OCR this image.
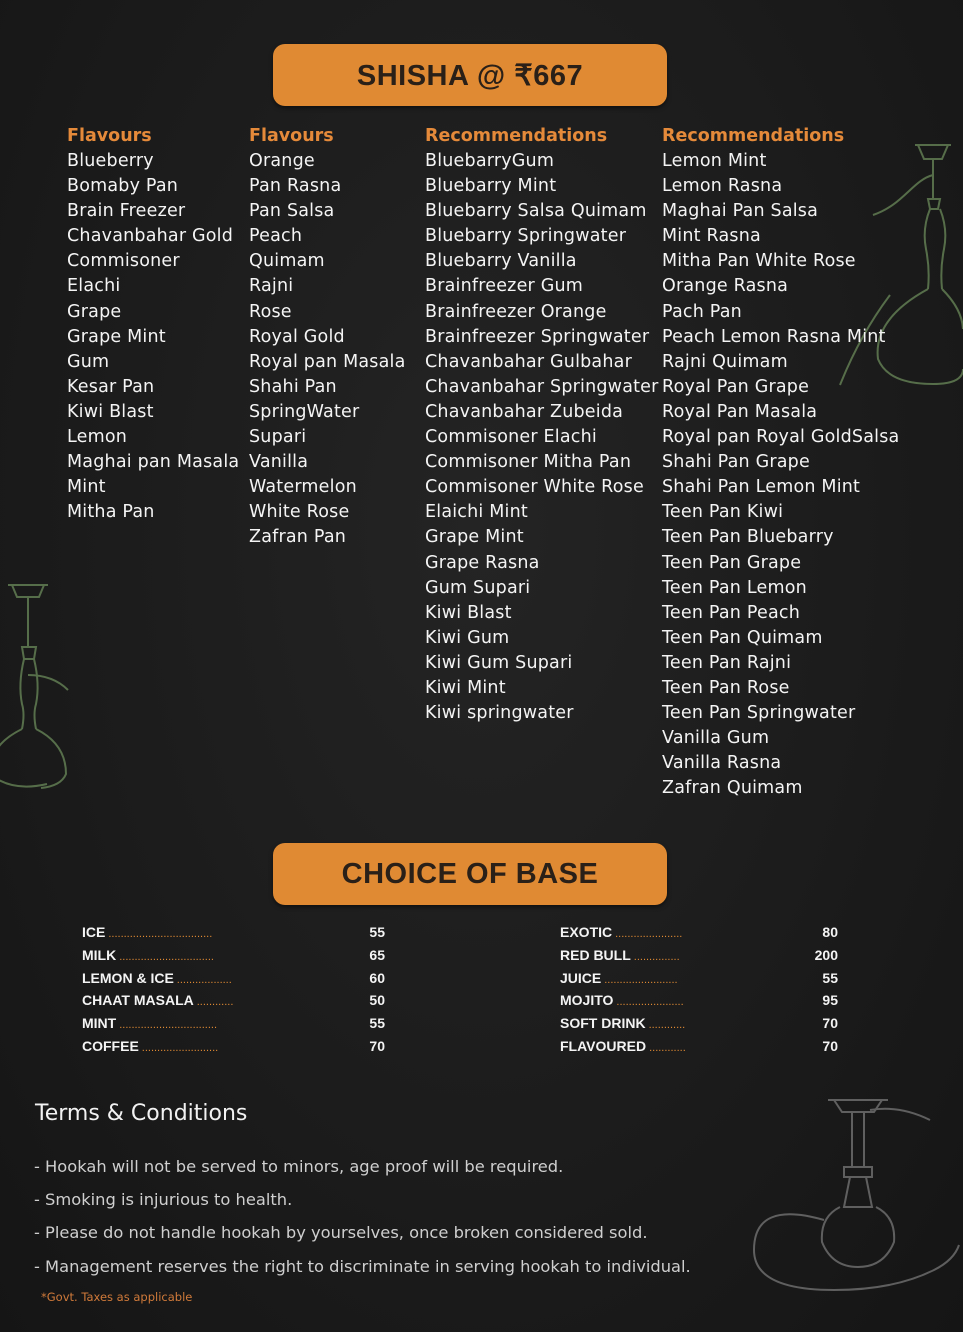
SHISHA @ ₹667
Flavours
Blueberry
Bomaby Pan
Brain Freezer
Chavanbahar Gold
Commisoner
Elachi
Grape
Grape Mint
Gum
Kesar Pan
Kiwi Blast
Lemon
Maghai pan Masala
Mint
Mitha Pan
Flavours
Orange
Pan Rasna
Pan Salsa
Peach
Quimam
Rajni
Rose
Royal Gold
Royal pan Masala
Shahi Pan
SpringWater
Supari
Vanilla
Watermelon
White Rose
Zafran Pan
Recommendations
BluebarryGum
Bluebarry Mint
Bluebarry Salsa Quimam
Bluebarry Springwater
Bluebarry Vanilla
Brainfreezer Gum
Brainfreezer Orange
Brainfreezer Springwater
Chavanbahar Gulbahar
Chavanbahar Springwater
Chavanbahar Zubeida
Commisoner Elachi
Commisoner Mitha Pan
Commisoner White Rose
Elaichi Mint
Grape Mint
Grape Rasna
Gum Supari
Kiwi Blast
Kiwi Gum
Kiwi Gum Supari
Kiwi Mint
Kiwi springwater
Recommendations
Lemon Mint
Lemon Rasna
Maghai Pan Salsa
Mint Rasna
Mitha Pan White Rose
Orange Rasna
Pach Pan
Peach Lemon Rasna Mint
Rajni Quimam
Royal Pan Grape
Royal Pan Masala
Royal pan Royal GoldSalsa
Shahi Pan Grape
Shahi Pan Lemon Mint
Teen Pan Kiwi
Teen Pan Bluebarry
Teen Pan Grape
Teen Pan Lemon
Teen Pan Peach
Teen Pan Quimam
Teen Pan Rajni
Teen Pan Rose
Teen Pan Springwater
Vanilla Gum
Vanilla Rasna
Zafran Quimam
CHOICE OF BASE
ICE ..................................	55
MILK ...............................	65
LEMON & ICE ..................	60
CHAAT MASALA ............	50
MINT ................................	55
COFFEE .........................	70
EXOTIC ......................	80
RED BULL ...............	200
JUICE ........................	55
MOJITO ......................	95
SOFT DRINK ............	70
FLAVOURED ............	70
Terms & Conditions
- Hookah will not be served to minors, age proof will be required.
- Smoking is injurious to health.
- Please do not handle hookah by yourselves, once broken considered sold.
- Management reserves the right to discriminate in serving hookah to individual.
*Govt. Taxes as applicable
